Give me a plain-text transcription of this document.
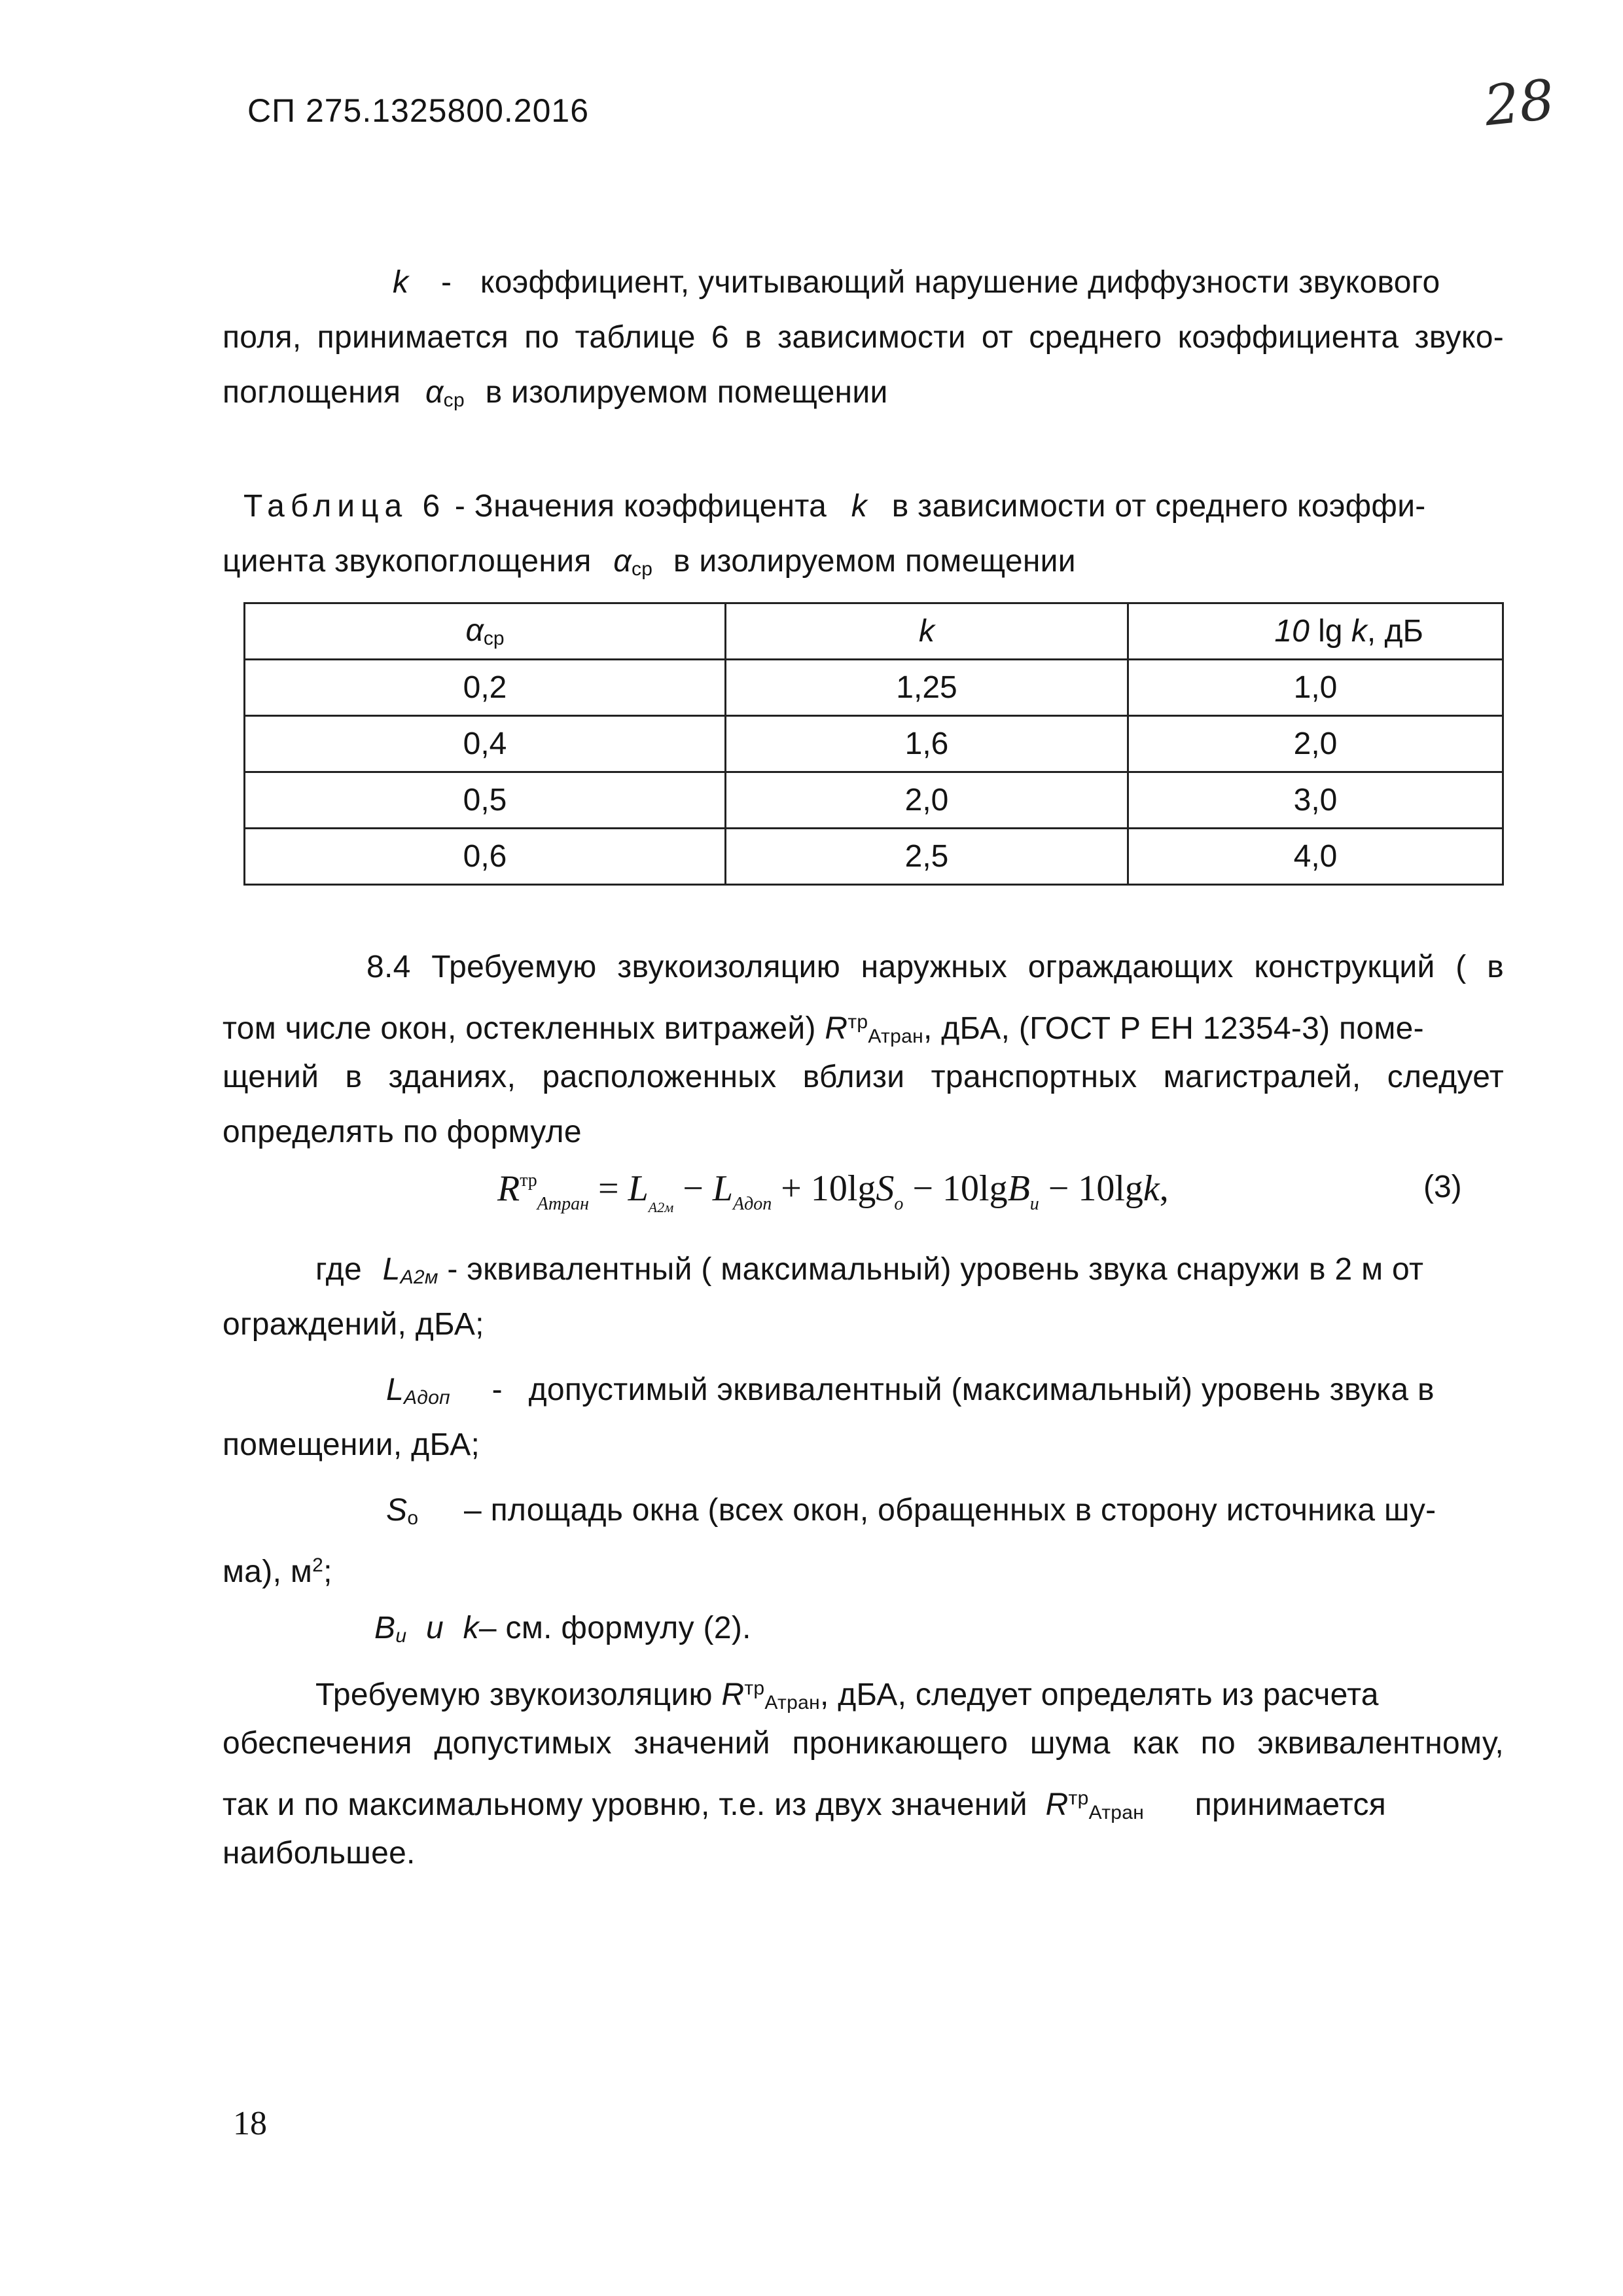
СП 275.1325800.2016	28
k - коэффициент, учитывающий нарушение диффузности звукового
поля, принимается по таблице 6 в зависимости от среднего коэффициента звуко-
поглощения $\alpha_{ср}$ в изолируемом помещении
Таблица 6 - Значения коэффицента k в зависимости от среднего коэффи-
циента звукопоглощения $\alpha_{ср}$ в изолируемом помещении
$\alpha_{ср}$	k	10 lg k, дБ
0,2	1,25	1,0
0,4	1,6	2,0
0,5	2,0	3,0
0,6	2,5	4,0
8.4 Требуемую звукоизоляцию наружных ограждающих конструкций ( в
том числе окон, остекленных витражей) $R^{тр}_{Атран}$, дБА, (ГОСТ Р ЕН 12354-3) поме-
щений в зданиях, расположенных вблизи транспортных магистралей, следует
определять по формуле
$R^{тр}_{Атран} = L_{А2м} - L_{Адоп} + 10\lg S_о - 10\lg B_и - 10\lg k$,	(3)
где $L_{А2м}$ - эквивалентный ( максимальный) уровень звука снаружи в 2 м от
ограждений, дБА;
$L_{Адоп}$ - допустимый эквивалентный (максимальный) уровень звука в
помещении, дБА;
$S_о$ – площадь окна (всех окон, обращенных в сторону источника шу-
ма), $м^2$;
$В_и$ и k– см. формулу (2).
Требуемую звукоизоляцию $R^{тр}_{Атран}$, дБА, следует определять из расчета
обеспечения допустимых значений проникающего шума как по эквивалентному,
так и по максимальному уровню, т.е. из двух значений $R^{тр}_{Атран}$ принимается
наибольшее.
18
